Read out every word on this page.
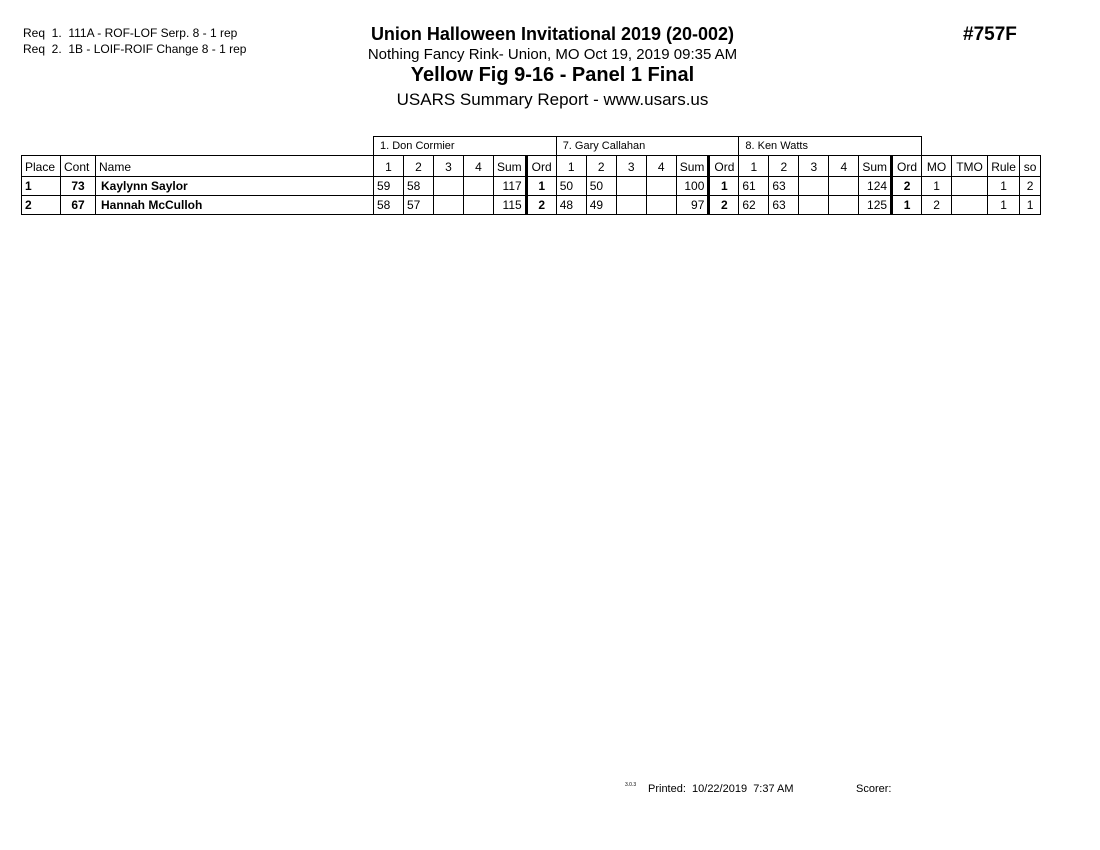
Req  1.  111A - ROF-LOF Serp. 8 - 1 rep
Req  2.  1B - LOIF-ROIF Change 8 - 1 rep
Union Halloween Invitational 2019 (20-002)
Nothing Fancy Rink- Union, MO Oct 19, 2019 09:35 AM
Yellow Fig 9-16 - Panel 1 Final
USARS Summary Report - www.usars.us
#757F
			1. Don Cormier						7. Gary Callahan						8. Ken Watts									
Place	Cont	Name	1	2	3	4	Sum	Ord	1	2	3	4	Sum	Ord	1	2	3	4	Sum	Ord	MO	TMO	Rule	so
1	73	Kaylynn Saylor	59	58			117	1	50	50			100	1	61	63			124	2	1		1	2
2	67	Hannah McCulloh	58	57			115	2	48	49			97	2	62	63			125	1	2		1	1
3.0.3 Printed:  10/22/2019  7:37 AM	Scorer:
